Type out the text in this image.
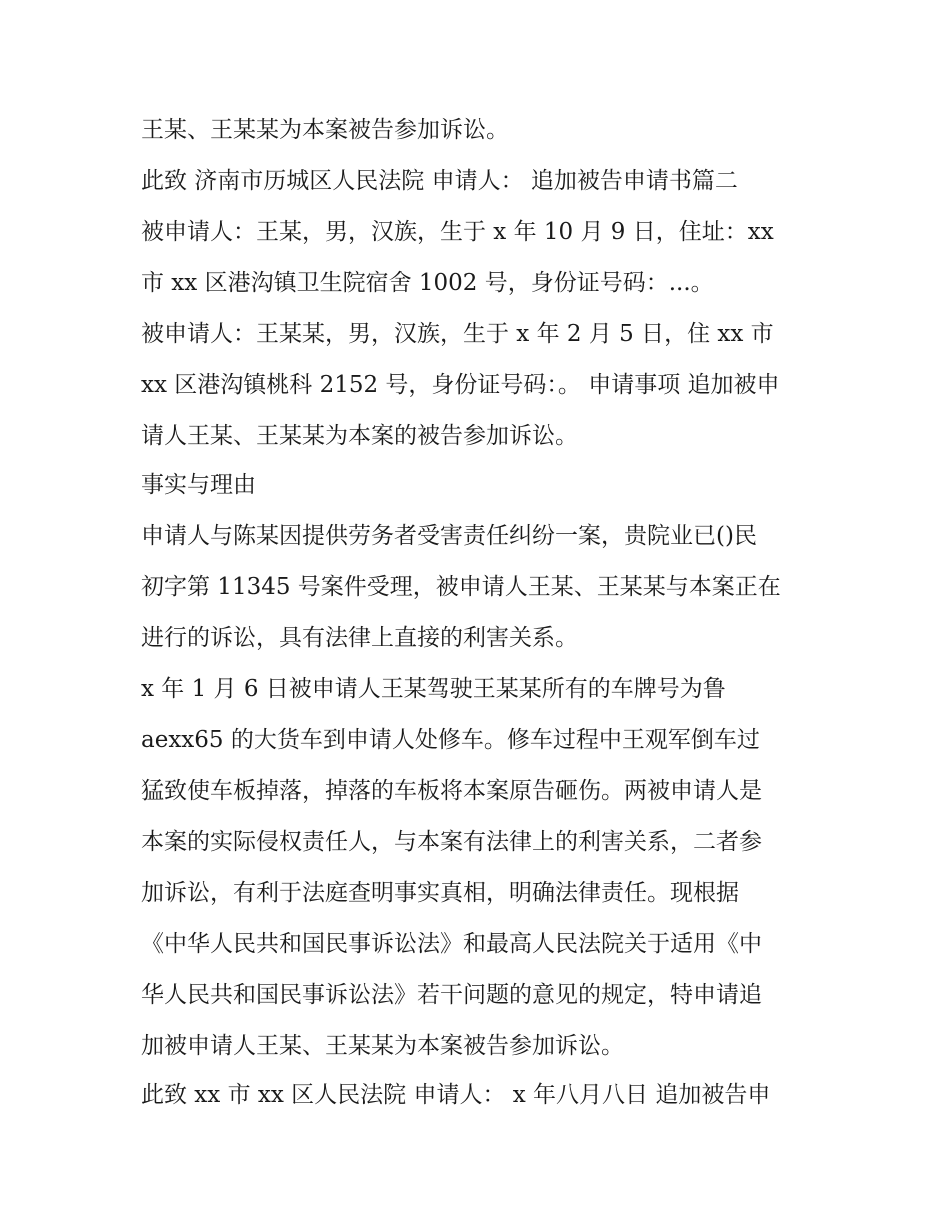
王某、王某某为本案被告参加诉讼。
此致 济南市历城区人民法院 申请人： 追加被告申请书篇二
被申请人：王某，男，汉族，生于 x 年 10 月 9 日，住址：xx
市 xx 区港沟镇卫生院宿舍 1002 号，身份证号码：...。
被申请人：王某某，男，汉族，生于 x 年 2 月 5 日，住 xx 市
xx 区港沟镇桃科 2152 号，身份证号码：。 申请事项 追加被申
请人王某、王某某为本案的被告参加诉讼。
事实与理由
申请人与陈某因提供劳务者受害责任纠纷一案，贵院业已()民
初字第 11345 号案件受理，被申请人王某、王某某与本案正在
进行的诉讼，具有法律上直接的利害关系。
x 年 1 月 6 日被申请人王某驾驶王某某所有的车牌号为鲁
aexx65 的大货车到申请人处修车。修车过程中王观军倒车过
猛致使车板掉落，掉落的车板将本案原告砸伤。两被申请人是
本案的实际侵权责任人，与本案有法律上的利害关系，二者参
加诉讼，有利于法庭查明事实真相，明确法律责任。现根据
《中华人民共和国民事诉讼法》和最高人民法院关于适用《中
华人民共和国民事诉讼法》若干问题的意见的规定，特申请追
加被申请人王某、王某某为本案被告参加诉讼。
此致 xx 市 xx 区人民法院 申请人： x 年八月八日 追加被告申
